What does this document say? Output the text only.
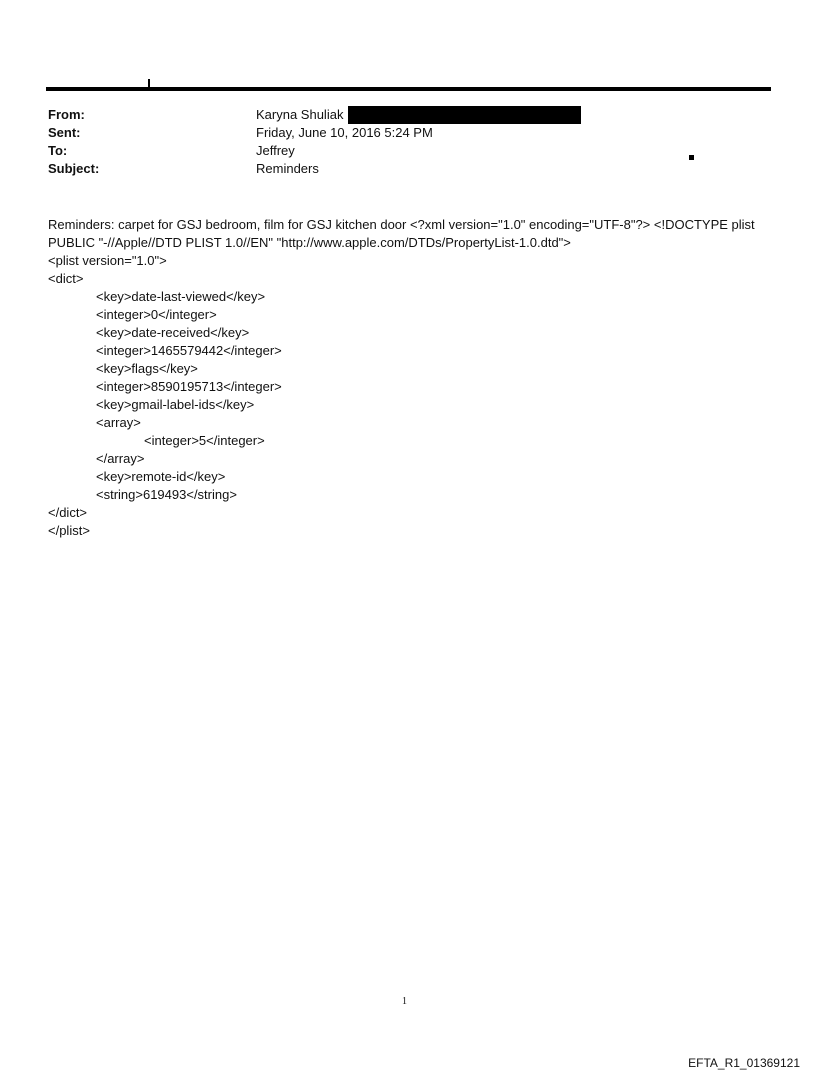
From:	Karyna Shuliak
Sent:	Friday, June 10, 2016 5:24 PM
To:	Jeffrey
Subject:	Reminders
Reminders: carpet for GSJ bedroom, film for GSJ kitchen door <?xml version="1.0" encoding="UTF-8"?> <!DOCTYPE plist
PUBLIC "-//Apple//DTD PLIST 1.0//EN" "http://www.apple.com/DTDs/PropertyList-1.0.dtd">
<plist version="1.0">
<dict>
<key>date-last-viewed</key>
<integer>0</integer>
<key>date-received</key>
<integer>1465579442</integer>
<key>flags</key>
<integer>8590195713</integer>
<key>gmail-label-ids</key>
<array>
<integer>5</integer>
</array>
<key>remote-id</key>
<string>619493</string>
</dict>
</plist>
1
EFTA_R1_01369121
